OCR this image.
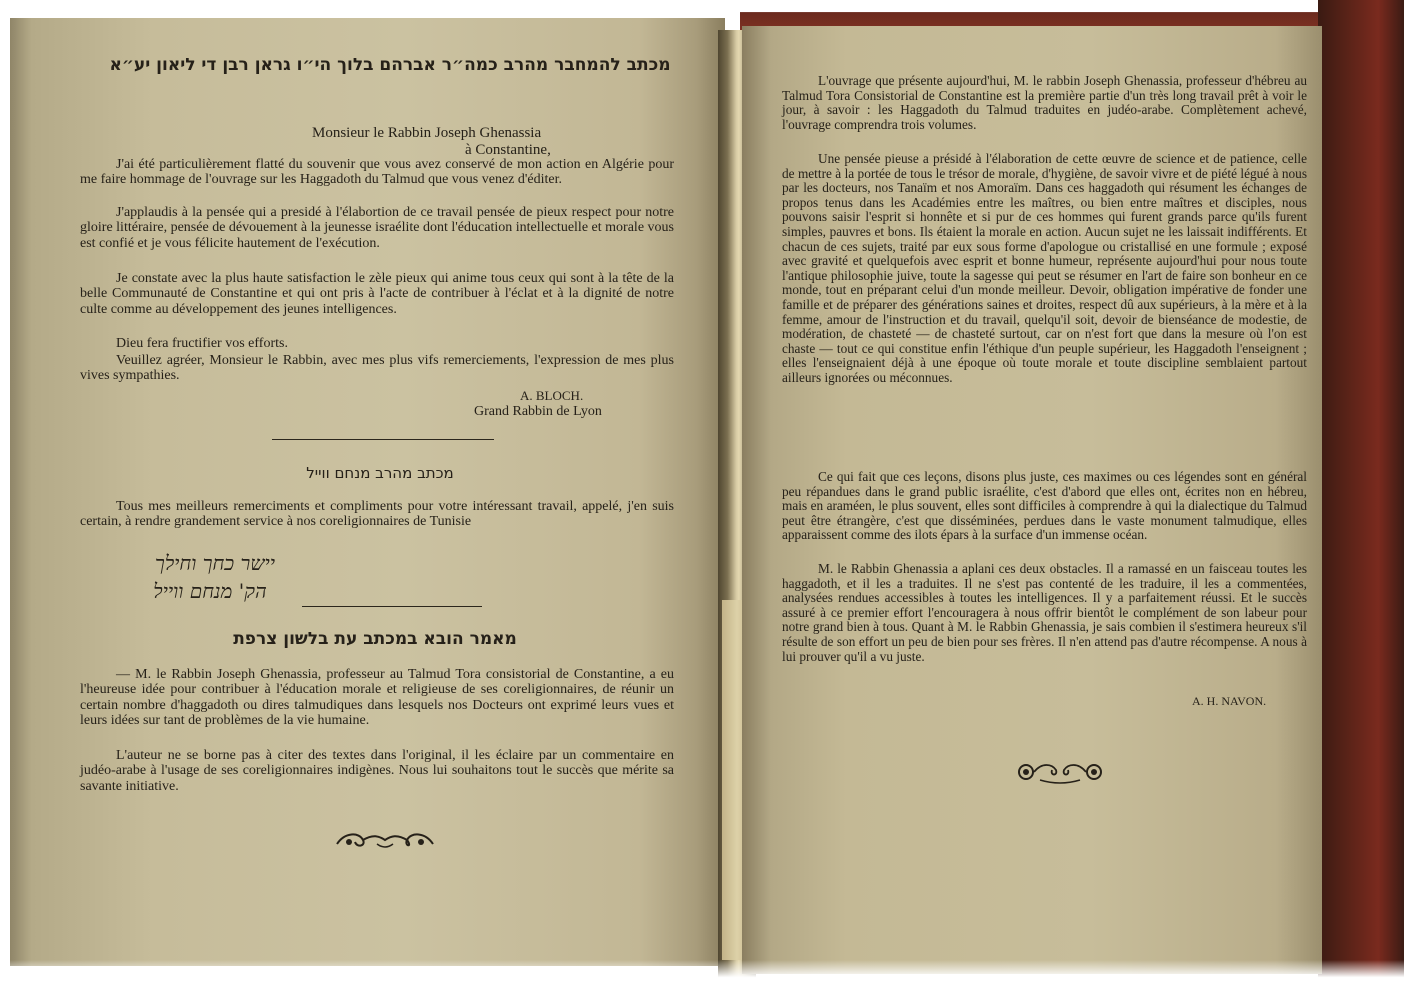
מכתב להמחבר מהרב כמה״ר אברהם בלוך הי״ו גראן רבן די ליאון יע״א
Monsieur le Rabbin Joseph Ghenassia
à Constantine,
J'ai été particulièrement flatté du souvenir que vous avez conservé de mon action en Algérie pour me faire hommage de l'ouvrage sur les Haggadoth du Talmud que vous venez d'éditer.
J'applaudis à la pensée qui a presidé à l'élabortion de ce travail pensée de pieux respect pour notre gloire littéraire, pensée de dévouement à la jeunesse israélite dont l'éducation intellectuelle et morale vous est confié et je vous félicite hautement de l'exécution.
Je constate avec la plus haute satisfaction le zèle pieux qui anime tous ceux qui sont à la tête de la belle Communauté de Constantine et qui ont pris à l'acte de contribuer à l'éclat et à la dignité de notre culte comme au développement des jeunes intelligences.
Dieu fera fructifier vos efforts.
Veuillez agréer, Monsieur le Rabbin, avec mes plus vifs remerciements, l'expression de mes plus vives sympathies.
A. BLOCH.
Grand Rabbin de Lyon
מכתב מהרב מנחם ווייל
Tous mes meilleurs remerciments et compliments pour votre intéressant travail, appelé, j'en suis certain, à rendre grandement service à nos coreligionnaires de Tunisie
יישר כחך וחילך
הק' מנחם ווייל
מאמר הובא במכתב עת בלשון צרפת
— M. le Rabbin Joseph Ghenassia, professeur au Talmud Tora consistorial de Constantine, a eu l'heureuse idée pour contribuer à l'éducation morale et religieuse de ses coreligionnaires, de réunir un certain nombre d'haggadoth ou dires talmudiques dans lesquels nos Docteurs ont exprimé leurs vues et leurs idées sur tant de problèmes de la vie humaine.
L'auteur ne se borne pas à citer des textes dans l'original, il les éclaire par un commentaire en judéo-arabe à l'usage de ses coreligionnaires indigènes. Nous lui souhaitons tout le succès que mérite sa savante initiative.
L'ouvrage que présente aujourd'hui, M. le rabbin Joseph Ghenassia, professeur d'hébreu au Talmud Tora Consistorial de Constantine est la première partie d'un très long travail prêt à voir le jour, à savoir : les Haggadoth du Talmud traduites en judéo-arabe. Complètement achevé, l'ouvrage comprendra trois volumes.
Une pensée pieuse a présidé à l'élaboration de cette œuvre de science et de patience, celle de mettre à la portée de tous le trésor de morale, d'hygiène, de savoir vivre et de piété légué à nous par les docteurs, nos Tanaïm et nos Amoraïm. Dans ces haggadoth qui résument les échanges de propos tenus dans les Académies entre les maîtres, ou bien entre maîtres et disciples, nous pouvons saisir l'esprit si honnête et si pur de ces hommes qui furent grands parce qu'ils furent simples, pauvres et bons. Ils étaient la morale en action. Aucun sujet ne les laissait indifférents. Et chacun de ces sujets, traité par eux sous forme d'apologue ou cristallisé en une formule ; exposé avec gravité et quelquefois avec esprit et bonne humeur, représente aujourd'hui pour nous toute l'antique philosophie juive, toute la sagesse qui peut se résumer en l'art de faire son bonheur en ce monde, tout en préparant celui d'un monde meilleur. Devoir, obligation impérative de fonder une famille et de préparer des générations saines et droites, respect dû aux supérieurs, à la mère et à la femme, amour de l'instruction et du travail, quelqu'il soit, devoir de bienséance de modestie, de modération, de chasteté — de chasteté surtout, car on n'est fort que dans la mesure où l'on est chaste — tout ce qui constitue enfin l'éthique d'un peuple supérieur, les Haggadoth l'enseignent ; elles l'enseignaient déjà à une époque où toute morale et toute discipline semblaient partout ailleurs ignorées ou méconnues.
Ce qui fait que ces leçons, disons plus juste, ces maximes ou ces légendes sont en général peu répandues dans le grand public israélite, c'est d'abord que elles ont, écrites non en hébreu, mais en araméen, le plus souvent, elles sont difficiles à comprendre à qui la dialectique du Talmud peut être étrangère, c'est que disséminées, perdues dans le vaste monument talmudique, elles apparaissent comme des ilots épars à la surface d'un immense océan.
M. le Rabbin Ghenassia a aplani ces deux obstacles. Il a ramassé en un faisceau toutes les haggadoth, et il les a traduites. Il ne s'est pas contenté de les traduire, il les a commentées, analysées rendues accessibles à toutes les intelligences. Il y a parfaitement réussi. Et le succès assuré à ce premier effort l'encouragera à nous offrir bientôt le complément de son labeur pour notre grand bien à tous. Quant à M. le Rabbin Ghenassia, je sais combien il s'estimera heureux s'il résulte de son effort un peu de bien pour ses frères. Il n'en attend pas d'autre récompense. A nous à lui prouver qu'il a vu juste.
A. H. NAVON.
